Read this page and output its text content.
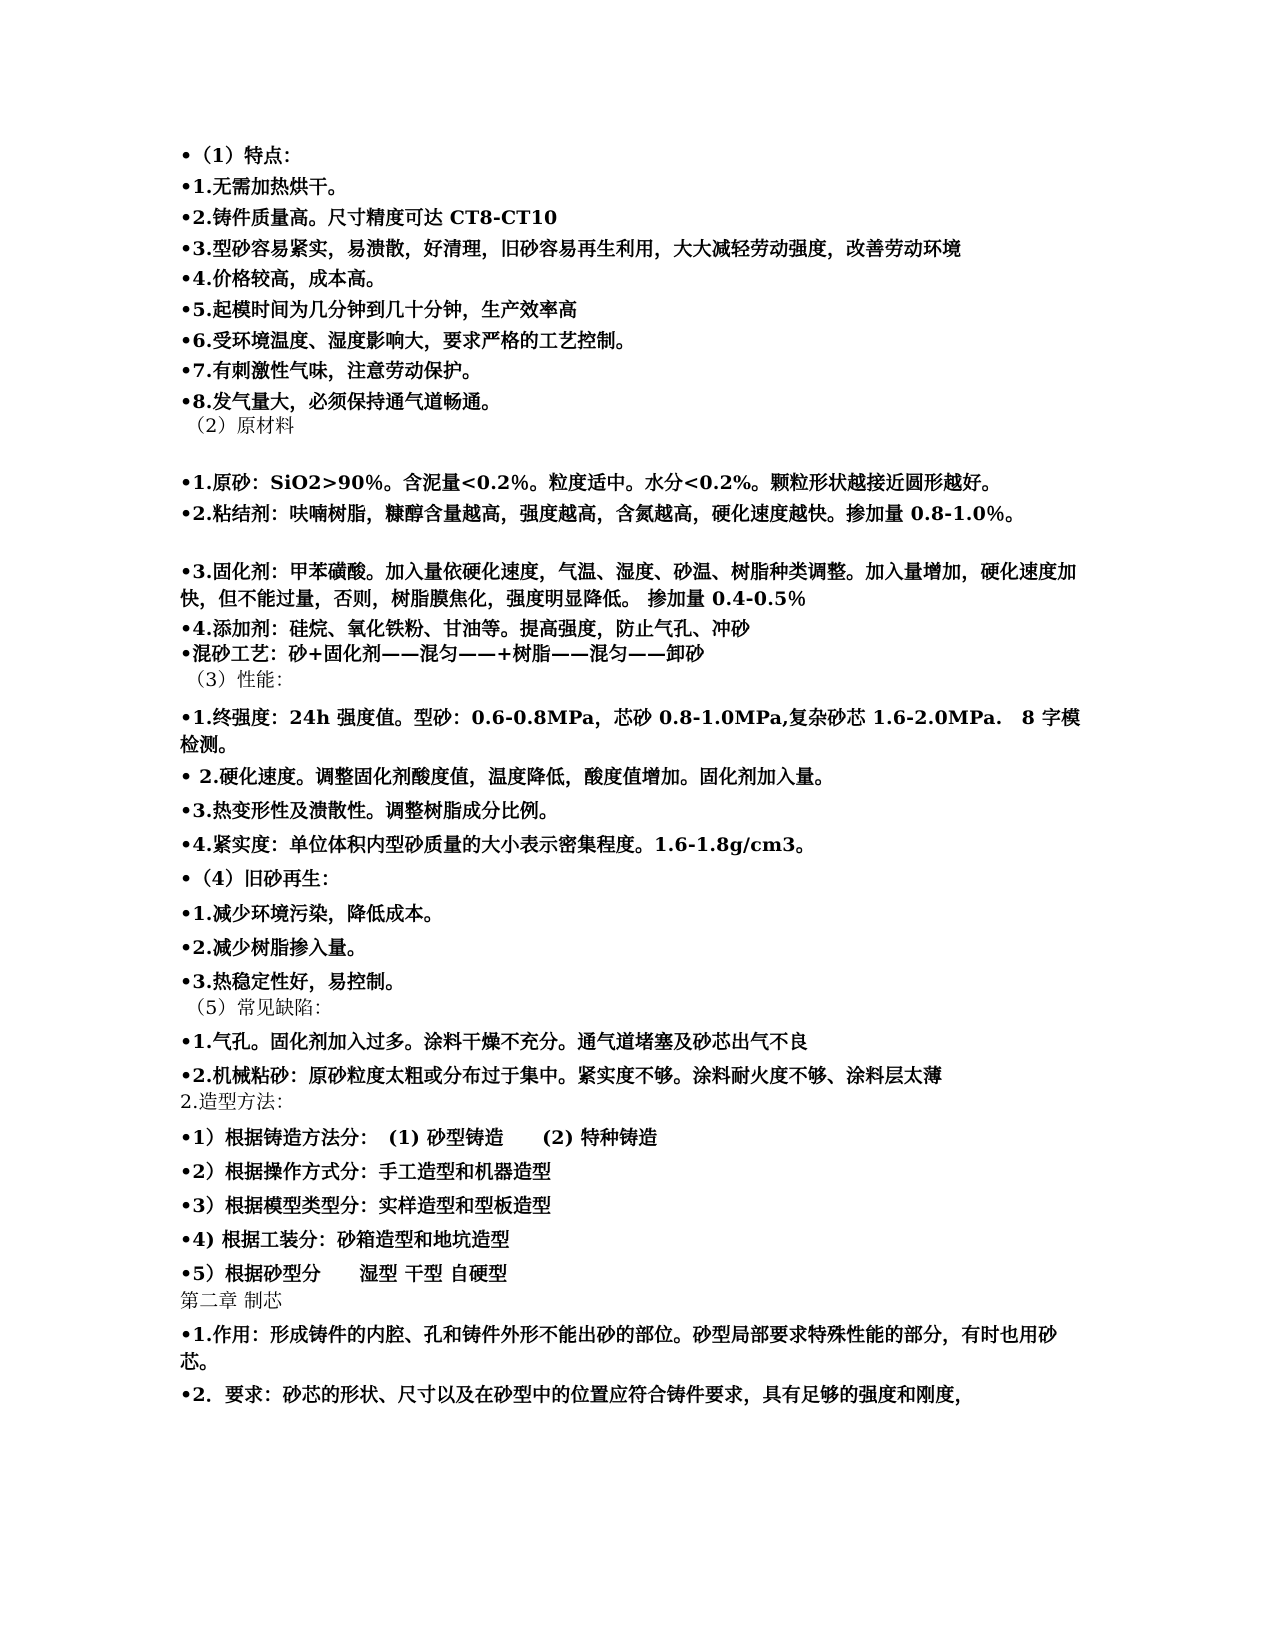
•（1）特点：
•1.无需加热烘干。
•2.铸件质量高。尺寸精度可达 CT8-CT10
•3.型砂容易紧实，易溃散，好清理，旧砂容易再生利用，大大减轻劳动强度，改善劳动环境
•4.价格较高，成本高。
•5.起模时间为几分钟到几十分钟，生产效率高
•6.受环境温度、湿度影响大，要求严格的工艺控制。
•7.有刺激性气味，注意劳动保护。
•8.发气量大，必须保持通气道畅通。
（2）原材料
•1.原砂：SiO2>90％。含泥量<0.2％。粒度适中。水分<0.2%。颗粒形状越接近圆形越好。
•2.粘结剂：呋喃树脂，糠醇含量越高，强度越高，含氮越高，硬化速度越快。掺加量 0.8-1.0％。
•3.固化剂：甲苯磺酸。加入量依硬化速度，气温、湿度、砂温、树脂种类调整。加入量增加，硬化速度加快，但不能过量，否则，树脂膜焦化，强度明显降低。 掺加量 0.4-0.5％
•4.添加剂：硅烷、氧化铁粉、甘油等。提高强度，防止气孔、冲砂
•混砂工艺：砂+固化剂——混匀——+树脂——混匀——卸砂
（3）性能：
•1.终强度：24h 强度值。型砂：0.6-0.8MPa，芯砂 0.8-1.0MPa,复杂砂芯 1.6-2.0MPa.　8 字模检测。
• 2.硬化速度。调整固化剂酸度值，温度降低，酸度值增加。固化剂加入量。
•3.热变形性及溃散性。调整树脂成分比例。
•4.紧实度：单位体积内型砂质量的大小表示密集程度。1.6-1.8g/cm3。
•（4）旧砂再生：
•1.减少环境污染，降低成本。
•2.减少树脂掺入量。
•3.热稳定性好，易控制。
（5）常见缺陷：
•1.气孔。固化剂加入过多。涂料干燥不充分。通气道堵塞及砂芯出气不良
•2.机械粘砂：原砂粒度太粗或分布过于集中。紧实度不够。涂料耐火度不够、涂料层太薄
2.造型方法：
•1）根据铸造方法分：　(1) 砂型铸造　　(2) 特种铸造
•2）根据操作方式分：手工造型和机器造型
•3）根据模型类型分：实样造型和型板造型
•4) 根据工装分：砂箱造型和地坑造型
•5）根据砂型分　　湿型 干型 自硬型
第二章 制芯
•1.作用：形成铸件的内腔、孔和铸件外形不能出砂的部位。砂型局部要求特殊性能的部分，有时也用砂芯。
•2．要求：砂芯的形状、尺寸以及在砂型中的位置应符合铸件要求，具有足够的强度和刚度，
